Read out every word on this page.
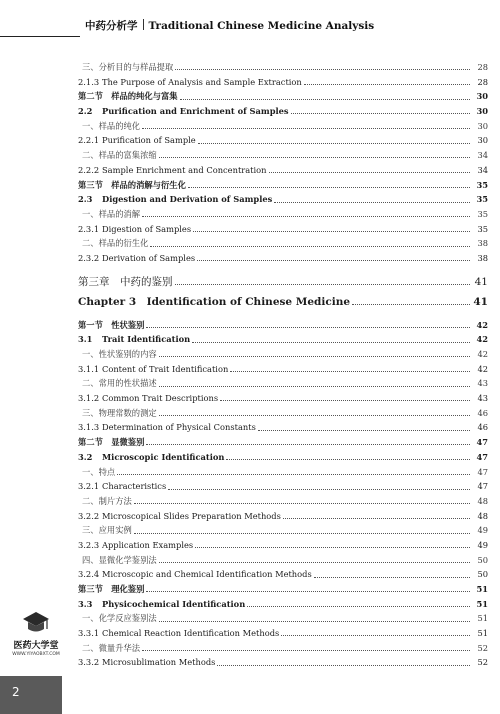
中药分析学 Traditional Chinese Medicine Analysis
三、分析目的与样品提取	28
2.1.3 The Purpose of Analysis and Sample Extraction	28
第二节　样品的纯化与富集	30
2.2	Purification and Enrichment of Samples	30
一、样品的纯化	30
2.2.1 Purification of Sample	30
二、样品的富集浓缩	34
2.2.2 Sample Enrichment and Concentration	34
第三节　样品的消解与衍生化	35
2.3	Digestion and Derivation of Samples	35
一、样品的消解	35
2.3.1 Digestion of Samples	35
二、样品的衍生化	38
2.3.2 Derivation of Samples	38
第三章　中药的鉴别	41
Chapter 3　Identification of Chinese Medicine	41
第一节　性状鉴别	42
3.1	Trait Identification	42
一、性状鉴别的内容	42
3.1.1 Content of Trait Identification	42
二、常用的性状描述	43
3.1.2 Common Trait Descriptions	43
三、物理常数的测定	46
3.1.3 Determination of Physical Constants	46
第二节　显微鉴别	47
3.2	Microscopic Identification	47
一、特点	47
3.2.1 Characteristics	47
二、制片方法	48
3.2.2 Microscopical Slides Preparation Methods	48
三、应用实例	49
3.2.3 Application Examples	49
四、显微化学鉴别法	50
3.2.4 Microscopic and Chemical Identification Methods	50
第三节　理化鉴别	51
3.3	Physicochemical Identification	51
一、化学反应鉴别法	51
3.3.1 Chemical Reaction Identification Methods	51
二、微量升华法	52
3.3.2 Microsublimation Methods	52
医药大学堂
WWW.YIYAOBXT.COM
2
